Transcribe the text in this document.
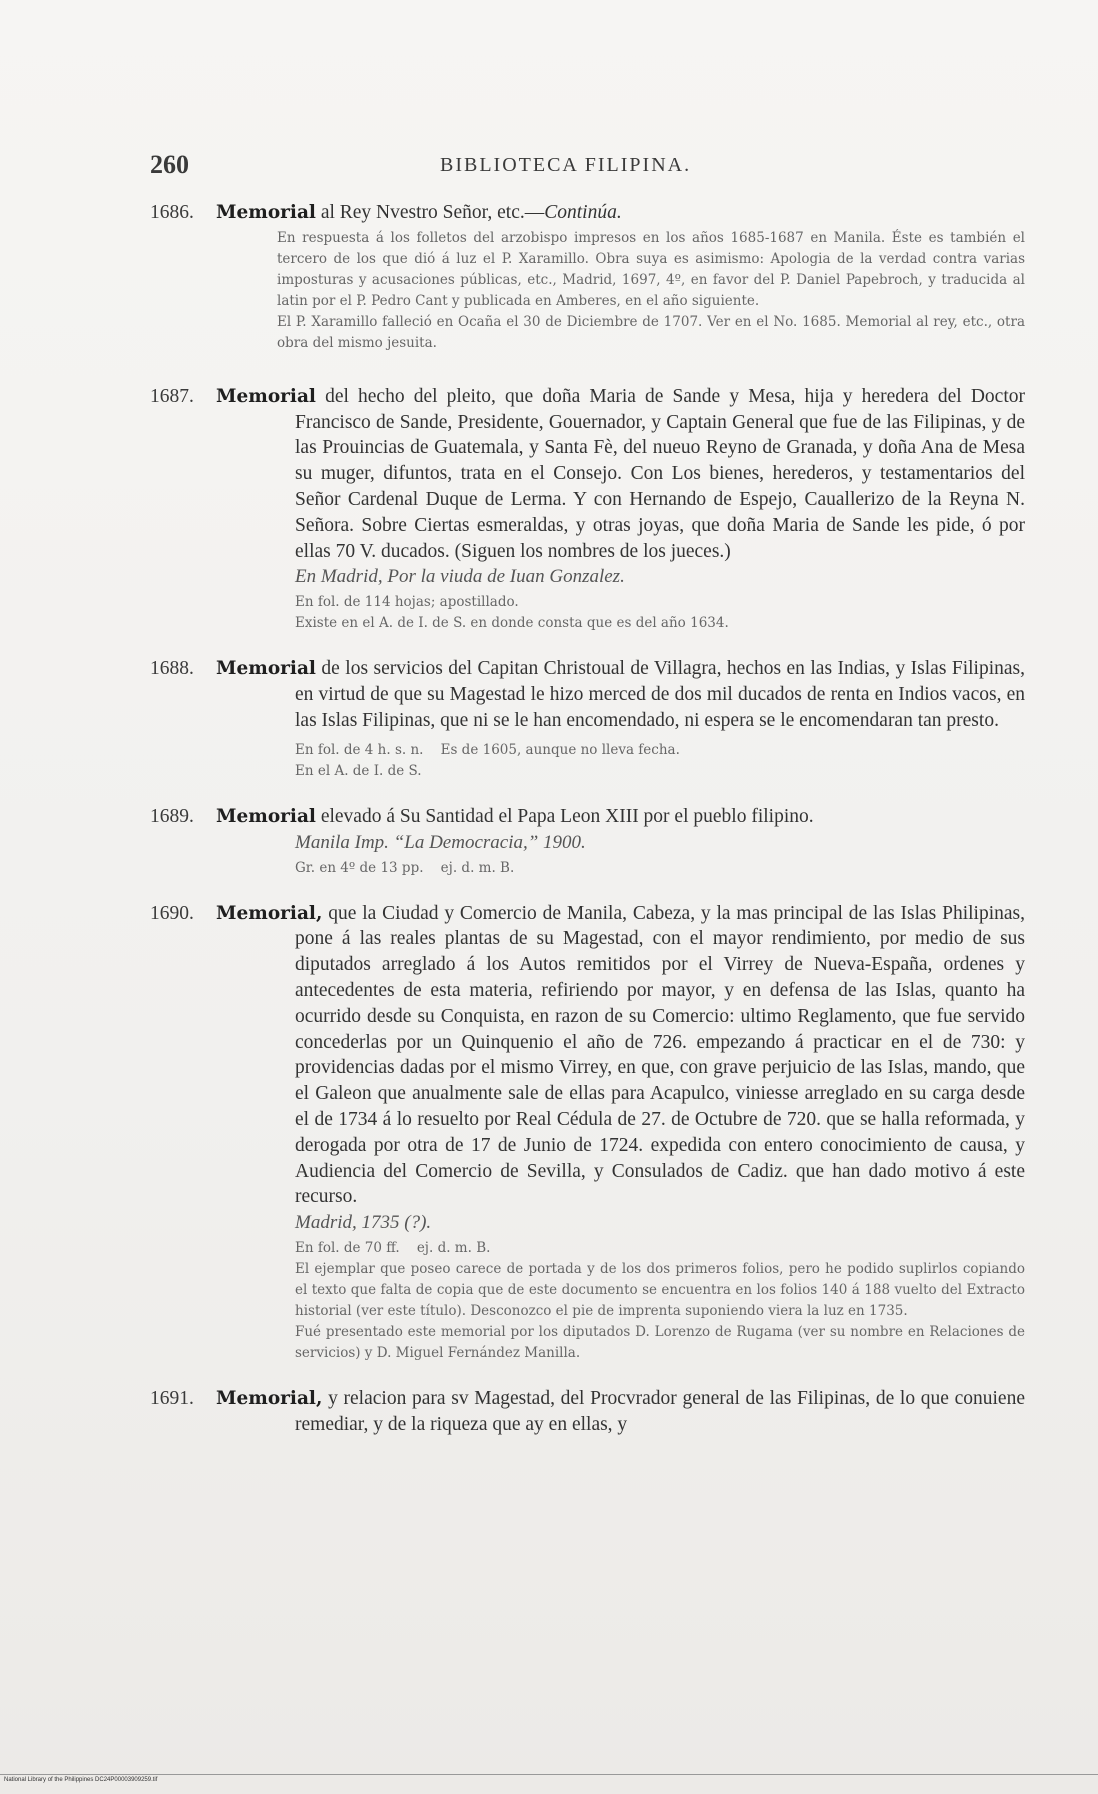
260	BIBLIOTECA FILIPINA.

1686. Memorial al Rey Nvestro Señor, etc.—Continúa.

En respuesta á los folletos del arzobispo impresos en los años 1685-1687 en Manila. Éste es también el tercero de los que dió á luz el P. Xaramillo. Obra suya es asimismo: Apologia de la verdad contra varias imposturas y acusaciones públicas, etc., Madrid, 1697, 4º, en favor del P. Daniel Papebroch, y traducida al latin por el P. Pedro Cant y publicada en Amberes, en el año siguiente.

El P. Xaramillo falleció en Ocaña el 30 de Diciembre de 1707. Ver en el No. 1685. Memorial al rey, etc., otra obra del mismo jesuita.

1687. Memorial del hecho del pleito, que doña Maria de Sande y Mesa, hija y heredera del Doctor Francisco de Sande, Presidente, Gouernador, y Captain General que fue de las Filipinas, y de las Prouincias de Guatemala, y Santa Fè, del nueuo Reyno de Granada, y doña Ana de Mesa su muger, difuntos, trata en el Consejo. Con Los bienes, herederos, y testamentarios del Señor Cardenal Duque de Lerma. Y con Hernando de Espejo, Cauallerizo de la Reyna N. Señora. Sobre Ciertas esmeraldas, y otras joyas, que doña Maria de Sande les pide, ó por ellas 70 V. ducados. (Siguen los nombres de los jueces.)

En Madrid, Por la viuda de Iuan Gonzalez.

En fol. de 114 hojas; apostillado.

Existe en el A. de I. de S. en donde consta que es del año 1634.

1688. Memorial de los servicios del Capitan Christoual de Villagra, hechos en las Indias, y Islas Filipinas, en virtud de que su Magestad le hizo merced de dos mil ducados de renta en Indios vacos, en las Islas Filipinas, que ni se le han encomendado, ni espera se le encomendaran tan presto.

En fol. de 4 h. s. n.    Es de 1605, aunque no lleva fecha.

En el A. de I. de S.

1689. Memorial elevado á Su Santidad el Papa Leon XIII por el pueblo filipino.

Manila Imp. “La Democracia,” 1900.

Gr. en 4º de 13 pp.    ej. d. m. B.

1690. Memorial, que la Ciudad y Comercio de Manila, Cabeza, y la mas principal de las Islas Philipinas, pone á las reales plantas de su Magestad, con el mayor rendimiento, por medio de sus diputados arreglado á los Autos remitidos por el Virrey de Nueva-España, ordenes y antecedentes de esta materia, refiriendo por mayor, y en defensa de las Islas, quanto ha ocurrido desde su Conquista, en razon de su Comercio: ultimo Reglamento, que fue servido concederlas por un Quinquenio el año de 726. empezando á practicar en el de 730: y providencias dadas por el mismo Virrey, en que, con grave perjuicio de las Islas, mando, que el Galeon que anualmente sale de ellas para Acapulco, viniesse arreglado en su carga desde el de 1734 á lo resuelto por Real Cédula de 27. de Octubre de 720. que se halla reformada, y derogada por otra de 17 de Junio de 1724. expedida con entero conocimiento de causa, y Audiencia del Comercio de Sevilla, y Consulados de Cadiz. que han dado motivo á este recurso.

Madrid, 1735 (?).

En fol. de 70 ff.    ej. d. m. B.

El ejemplar que poseo carece de portada y de los dos primeros folios, pero he podido suplirlos copiando el texto que falta de copia que de este documento se encuentra en los folios 140 á 188 vuelto del Extracto historial (ver este título). Desconozco el pie de imprenta suponiendo viera la luz en 1735.

Fué presentado este memorial por los diputados D. Lorenzo de Rugama (ver su nombre en Relaciones de servicios) y D. Miguel Fernández Manilla.

1691. Memorial, y relacion para sv Magestad, del Procvrador general de las Filipinas, de lo que conuiene remediar, y de la riqueza que ay en ellas, y

National Library of the Philippines DC24P00003909259.tif
